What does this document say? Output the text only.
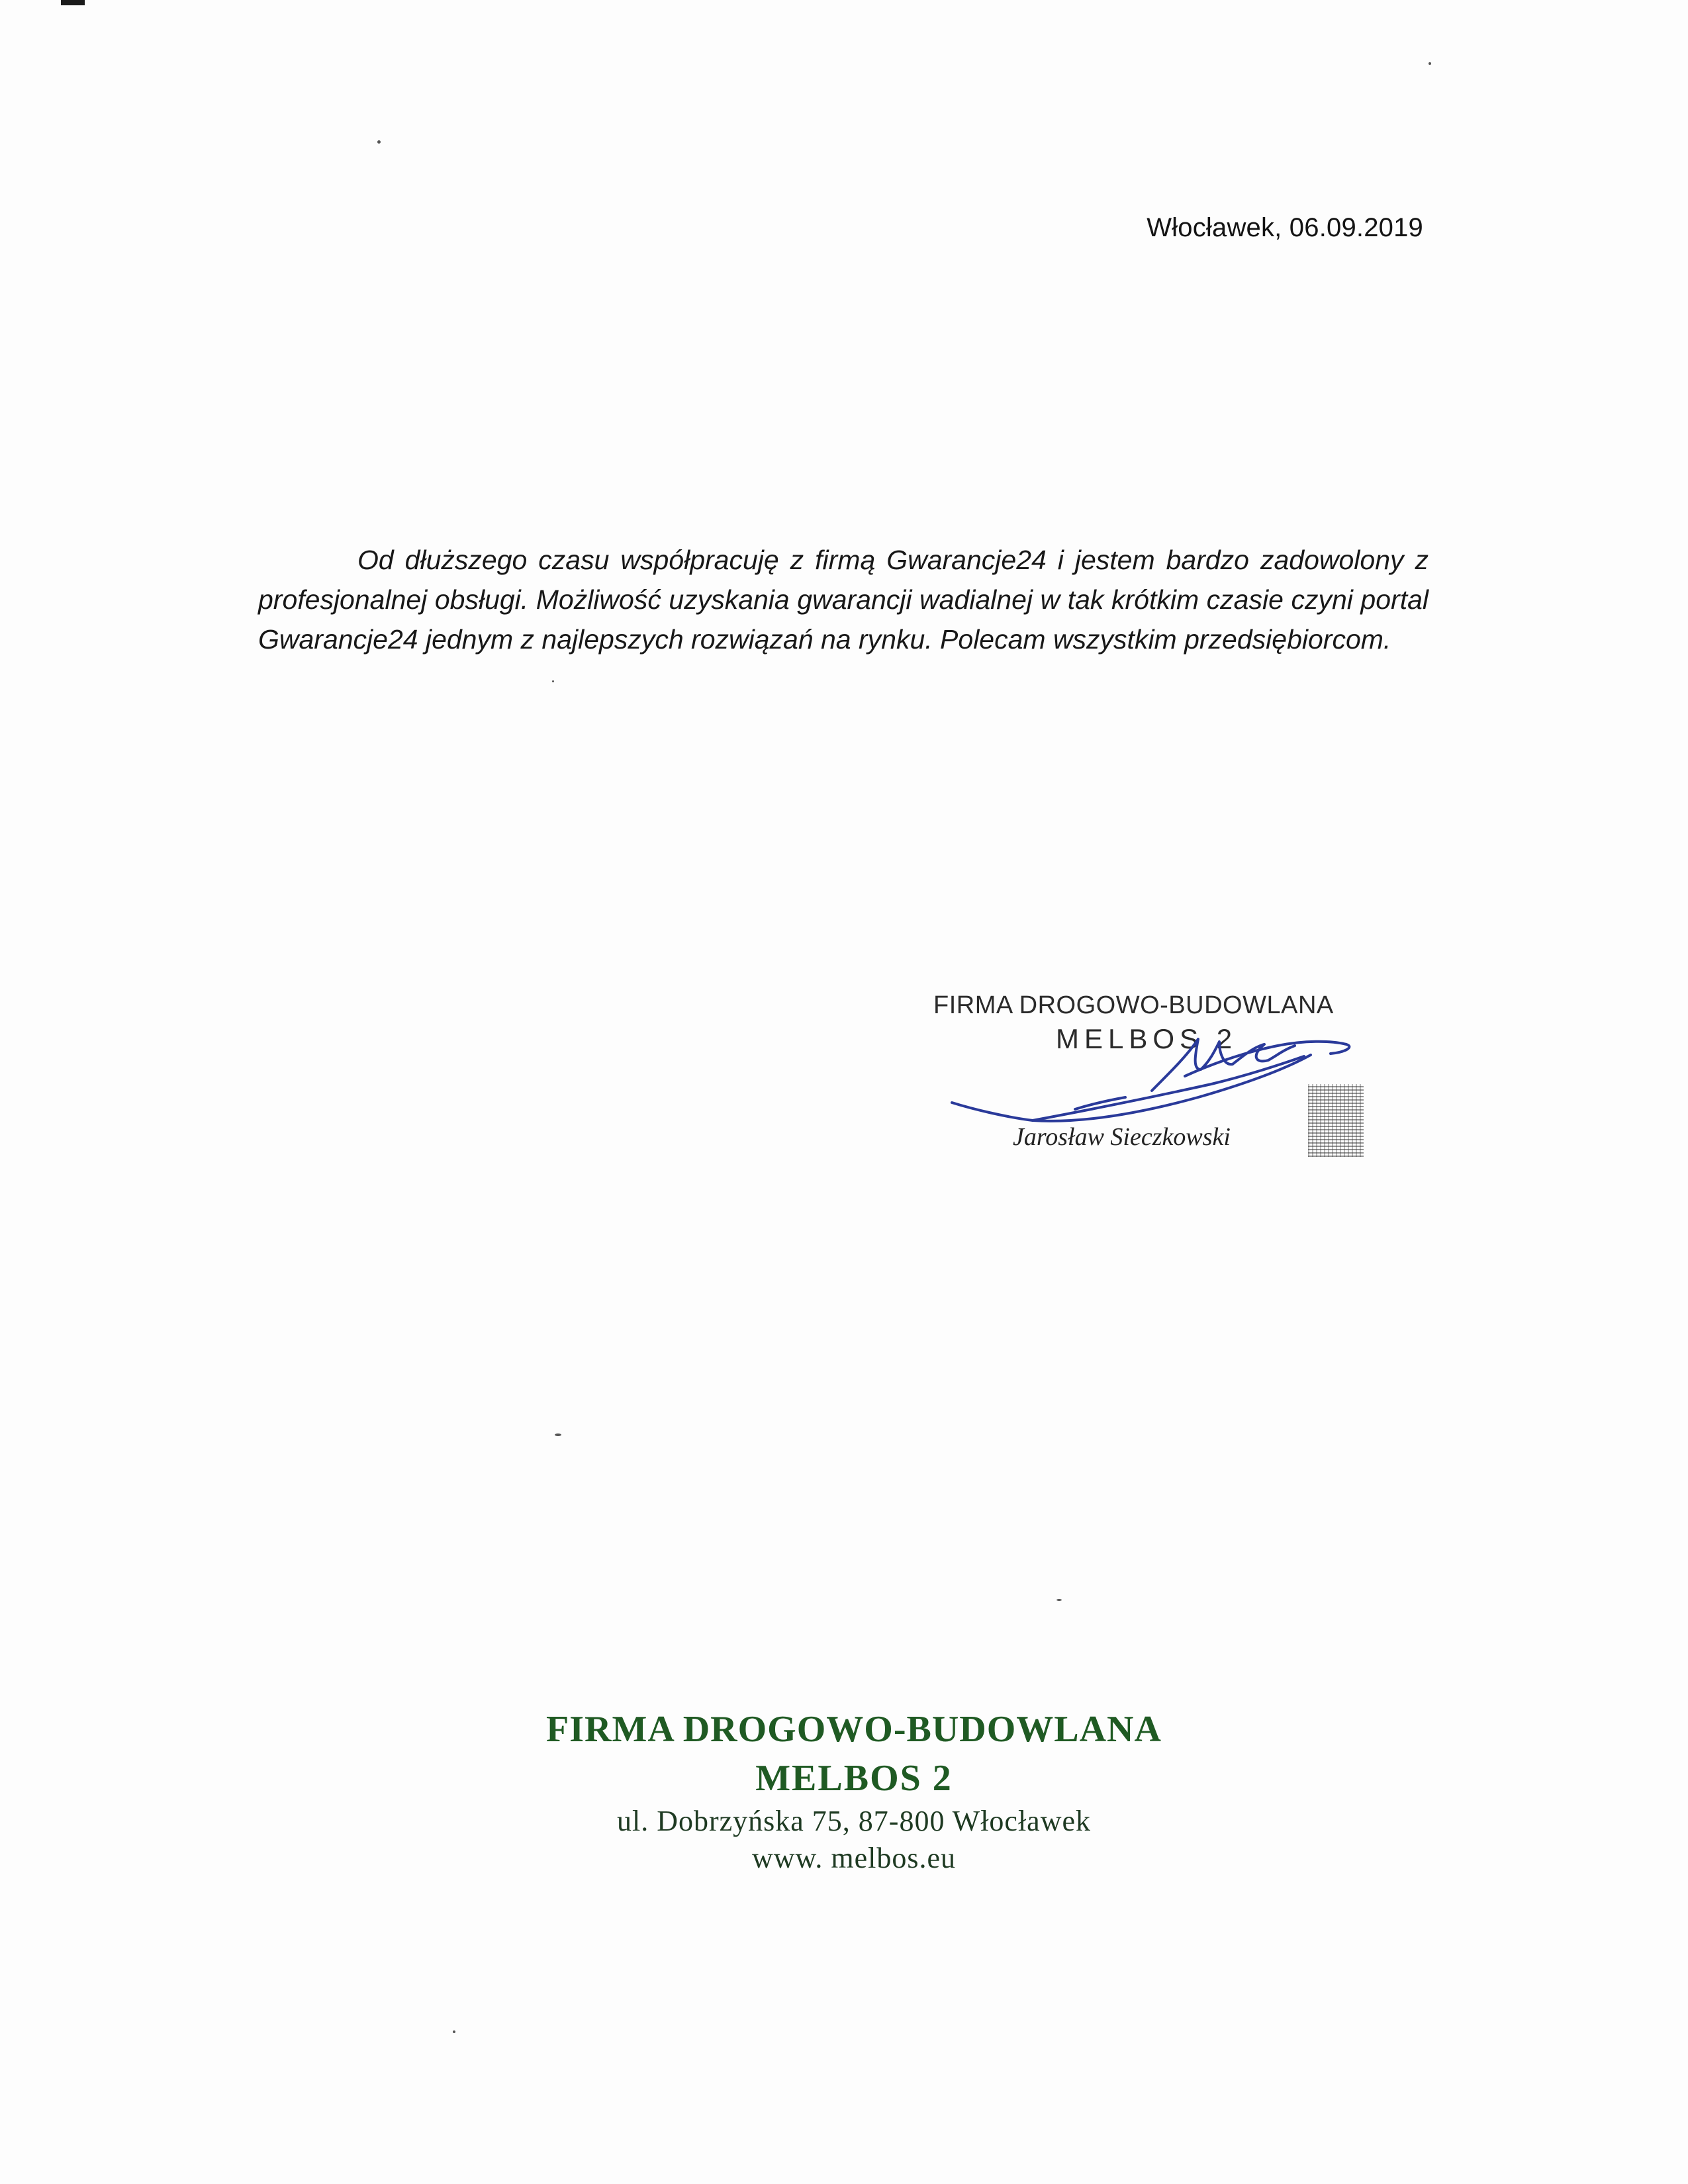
Włocławek, 06.09.2019
Od dłuższego czasu współpracuję z firmą Gwarancje24 i jestem bardzo zadowolony z profesjonalnej obsługi. Możliwość uzyskania gwarancji wadialnej w tak krótkim czasie czyni portal Gwarancje24 jednym z najlepszych rozwiązań na rynku. Polecam wszystkim przedsiębiorcom.
FIRMA DROGOWO-BUDOWLANA
MELBOS 2
Jarosław Sieczkowski
FIRMA DROGOWO-BUDOWLANA
MELBOS 2
ul. Dobrzyńska 75, 87-800 Włocławek
www. melbos.eu
